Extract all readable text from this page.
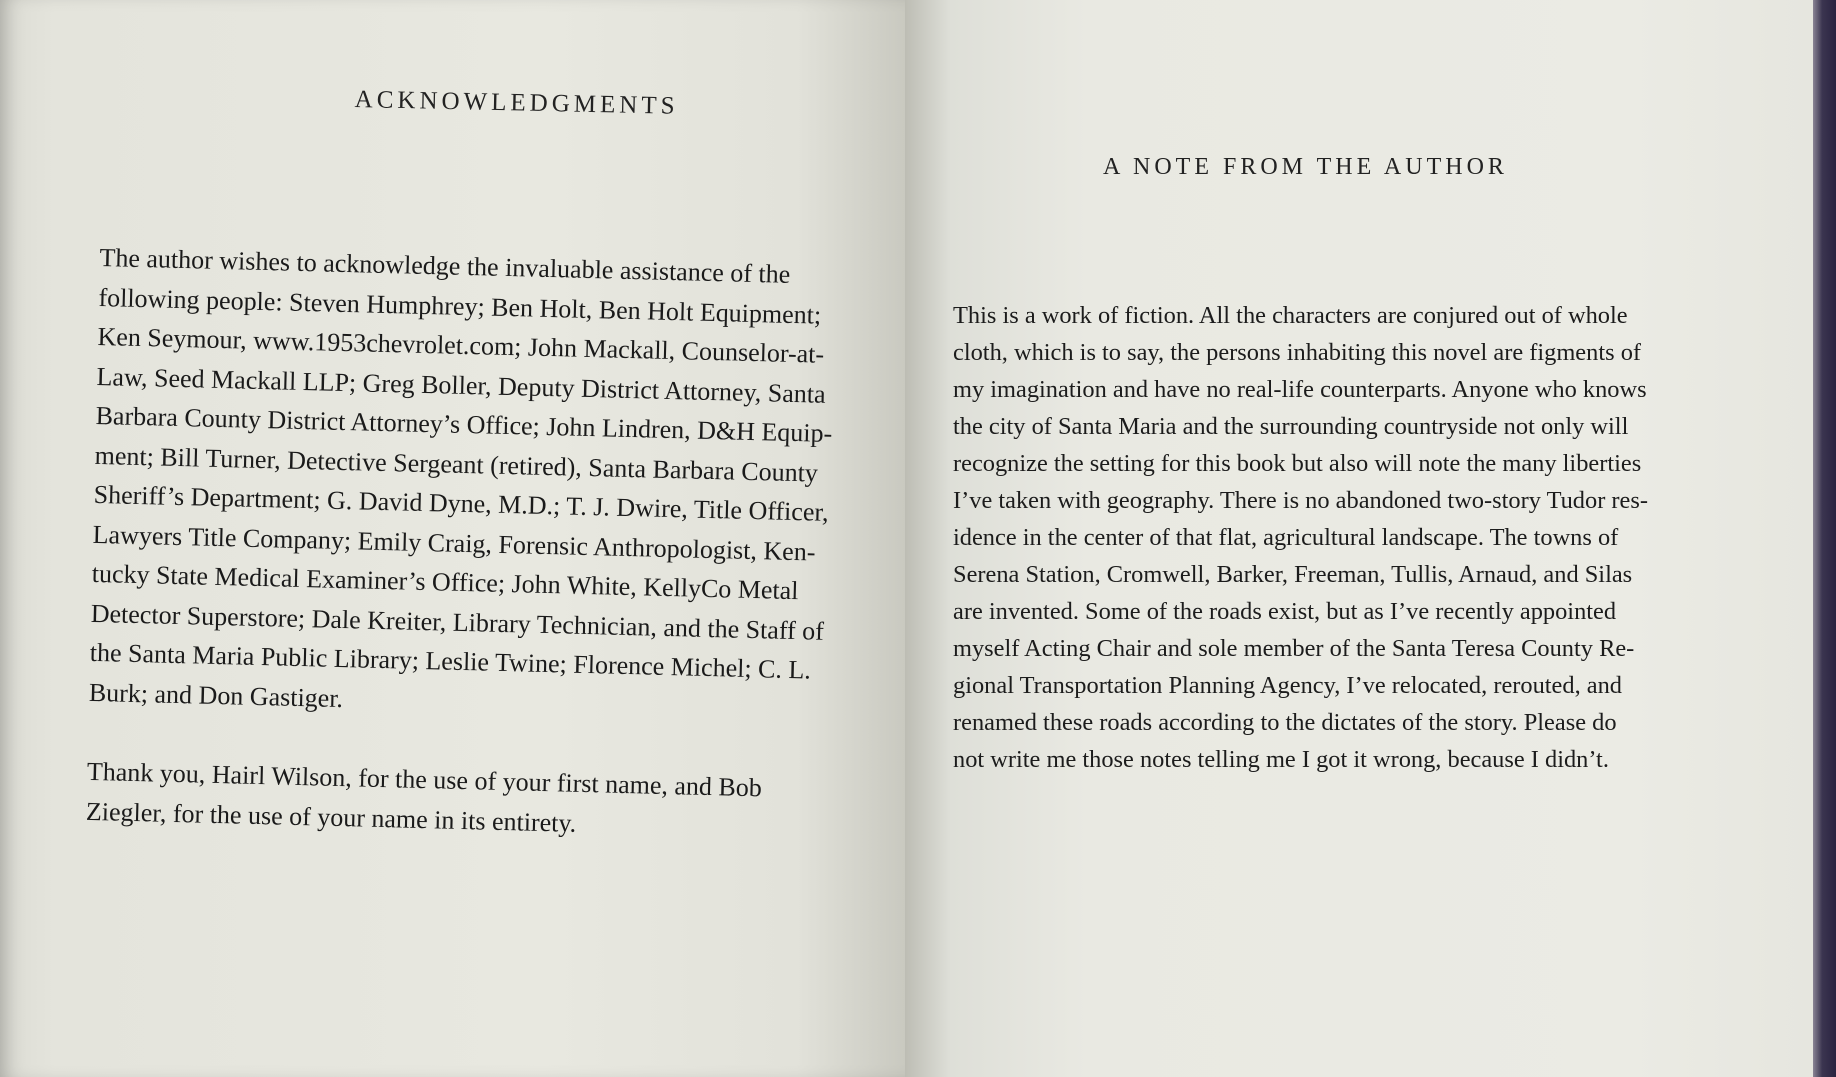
ACKNOWLEDGMENTS
The author wishes to acknowledge the invaluable assistance of the
following people: Steven Humphrey; Ben Holt, Ben Holt Equipment;
Ken Seymour, www.1953chevrolet.com; John Mackall, Counselor-at-
Law, Seed Mackall LLP; Greg Boller, Deputy District Attorney, Santa
Barbara County District Attorney’s Office; John Lindren, D&H Equip-
ment; Bill Turner, Detective Sergeant (retired), Santa Barbara County
Sheriff’s Department; G. David Dyne, M.D.; T. J. Dwire, Title Officer,
Lawyers Title Company; Emily Craig, Forensic Anthropologist, Ken-
tucky State Medical Examiner’s Office; John White, KellyCo Metal
Detector Superstore; Dale Kreiter, Library Technician, and the Staff of
the Santa Maria Public Library; Leslie Twine; Florence Michel; C. L.
Burk; and Don Gastiger.
Thank you, Hairl Wilson, for the use of your first name, and Bob
Ziegler, for the use of your name in its entirety.
A NOTE FROM THE AUTHOR
This is a work of fiction. All the characters are conjured out of whole
cloth, which is to say, the persons inhabiting this novel are figments of
my imagination and have no real-life counterparts. Anyone who knows
the city of Santa Maria and the surrounding countryside not only will
recognize the setting for this book but also will note the many liberties
I’ve taken with geography. There is no abandoned two-story Tudor res-
idence in the center of that flat, agricultural landscape. The towns of
Serena Station, Cromwell, Barker, Freeman, Tullis, Arnaud, and Silas
are invented. Some of the roads exist, but as I’ve recently appointed
myself Acting Chair and sole member of the Santa Teresa County Re-
gional Transportation Planning Agency, I’ve relocated, rerouted, and
renamed these roads according to the dictates of the story. Please do
not write me those notes telling me I got it wrong, because I didn’t.
